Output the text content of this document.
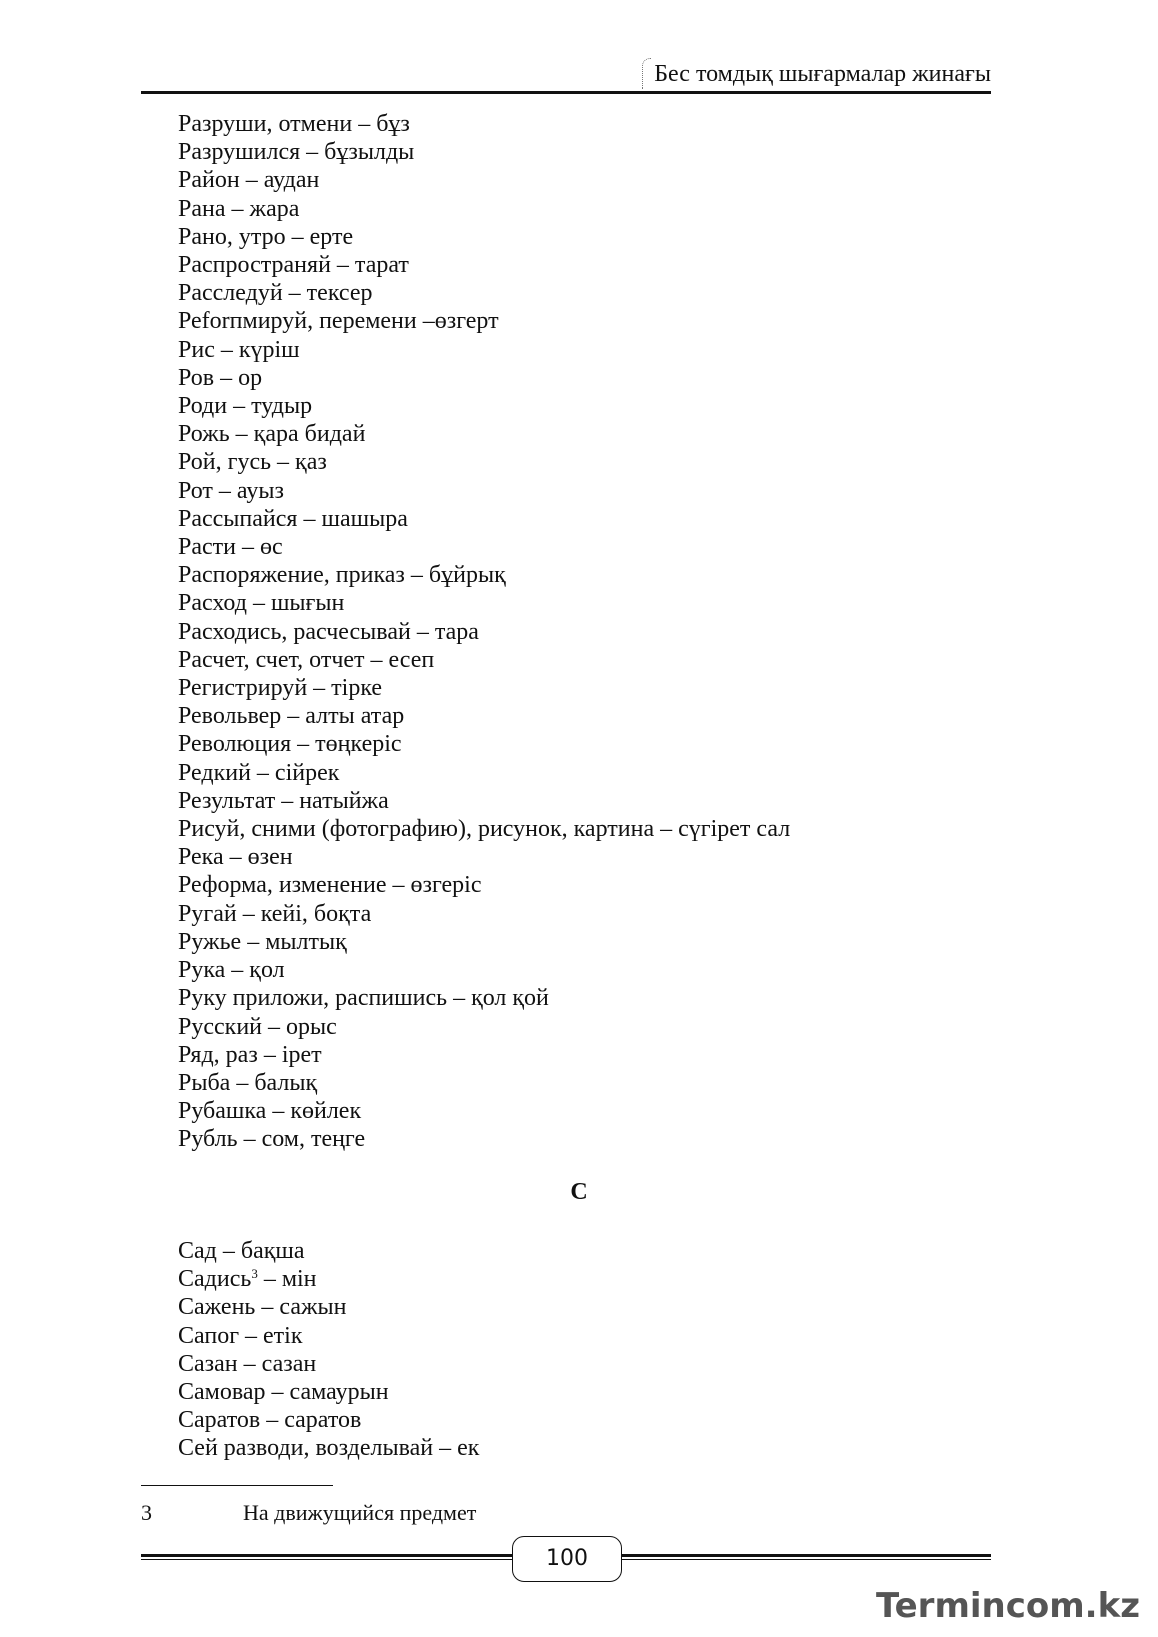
Бес томдық шығармалар жинағы
Разруши, отмени – бұз
Разрушился – бұзылды
Район – аудан
Рана – жара
Рано, утро – ерте
Распространяй – тарат
Расследуй – тексер
Реforпмируй, перемени –өзгерт
Рис – күріш
Ров – ор
Роди – тудыр
Рожь – қара бидай
Рой, гусь – қаз
Рот – ауыз
Рассыпайся – шашыра
Расти – өс
Распоряжение, приказ – бұйрық
Расход – шығын
Расходись, расчесывай – тара
Расчет, счет, отчет – есеп
Регистрируй – тірке
Револьвер – алты атар
Революция – төңкеріс
Редкий – сійрек
Результат – натыйжа
Рисуй, сними (фотографию), рисунок, картина – сүгірет сал
Река – өзен
Реформа, изменение – өзгеріс
Ругай – кейі, боқта
Ружье – мылтық
Рука – қол
Руку приложи, распишись – қол қой
Русский – орыс
Ряд, раз – ірет
Рыба – балық
Рубашка – көйлек
Рубль – сом, теңге
С
Сад – бақша
Садись$^3$ – мін
Сажень – сажын
Сапог – етік
Сазан – сазан
Самовар – самаурын
Саратов – саратов
Сей разводи, возделывай – ек
3	На движущийся предмет
100
Termincom.kz
